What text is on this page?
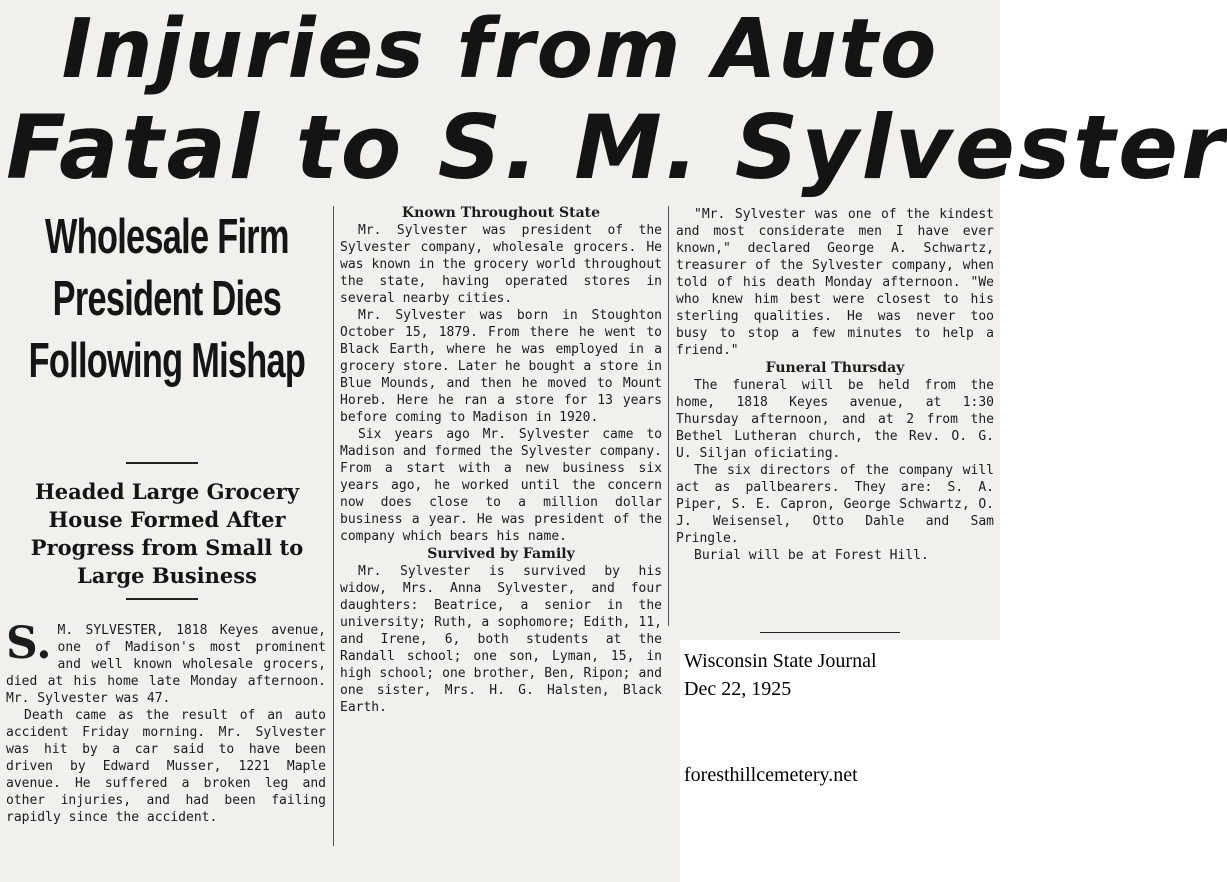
Injuries from Auto
Fatal to S. M. Sylvester
Wholesale Firm President Dies Following Mishap
Headed Large Grocery House Formed After Progress from Small to Large Business
S. M. SYLVESTER, 1818 Keyes avenue, one of Madison's most prominent and well known wholesale grocers, died at his home late Monday afternoon. Mr. Sylvester was 47.

Death came as the result of an auto accident Friday morning. Mr. Sylvester was hit by a car said to have been driven by Edward Musser, 1221 Maple avenue. He suffered a broken leg and other injuries, and had been failing rapidly since the accident.

Known Throughout State

Mr. Sylvester was president of the Sylvester company, wholesale grocers. He was known in the grocery world throughout the state, having operated stores in several nearby cities.

Mr. Sylvester was born in Stoughton October 15, 1879. From there he went to Black Earth, where he was employed in a grocery store. Later he bought a store in Blue Mounds, and then he moved to Mount Horeb. Here he ran a store for 13 years before coming to Madison in 1920.

Six years ago Mr. Sylvester came to Madison and formed the Sylvester company. From a start with a new business six years ago, he worked until the concern now does close to a million dollar business a year. He was president of the company which bears his name.

Survived by Family

Mr. Sylvester is survived by his widow, Mrs. Anna Sylvester, and four daughters: Beatrice, a senior in the university; Ruth, a sophomore; Edith, 11, and Irene, 6, both students at the Randall school; one son, Lyman, 15, in high school; one brother, Ben, Ripon; and one sister, Mrs. H. G. Halsten, Black Earth.

"Mr. Sylvester was one of the kindest and most considerate men I have ever known," declared George A. Schwartz, treasurer of the Sylvester company, when told of his death Monday afternoon. "We who knew him best were closest to his sterling qualities. He was never too busy to stop a few minutes to help a friend."

Funeral Thursday

The funeral will be held from the home, 1818 Keyes avenue, at 1:30 Thursday afternoon, and at 2 from the Bethel Lutheran church, the Rev. O. G. U. Siljan oficiating.

The six directors of the company will act as pallbearers. They are: S. A. Piper, S. E. Capron, George Schwartz, O. J. Weisensel, Otto Dahle and Sam Pringle.

Burial will be at Forest Hill.

Wisconsin State Journal
Dec 22, 1925
foresthillcemetery.net
